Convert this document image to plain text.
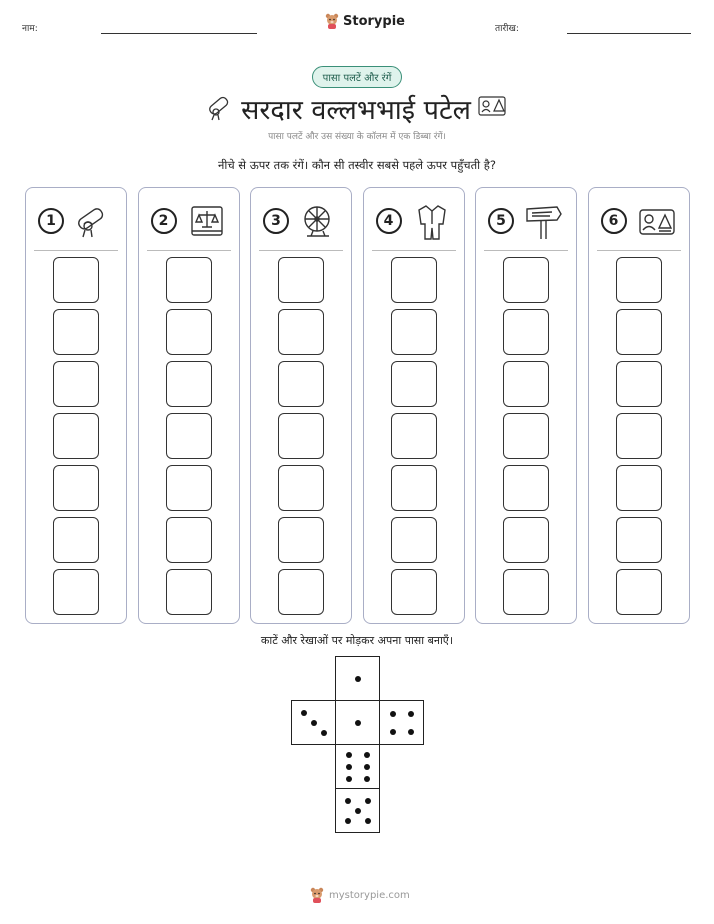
नाम:
Storypie
तारीख:
पासा पलटें और रंगें
सरदार वल्लभभाई पटेल
पासा पलटें और उस संख्या के कॉलम में एक डिब्बा रंगें।
नीचे से ऊपर तक रंगें। कौन सी तस्वीर सबसे पहले ऊपर पहुँचती है?
1	2	3	4	5	6
काटें और रेखाओं पर मोड़कर अपना पासा बनाएँ।
mystorypie.com
